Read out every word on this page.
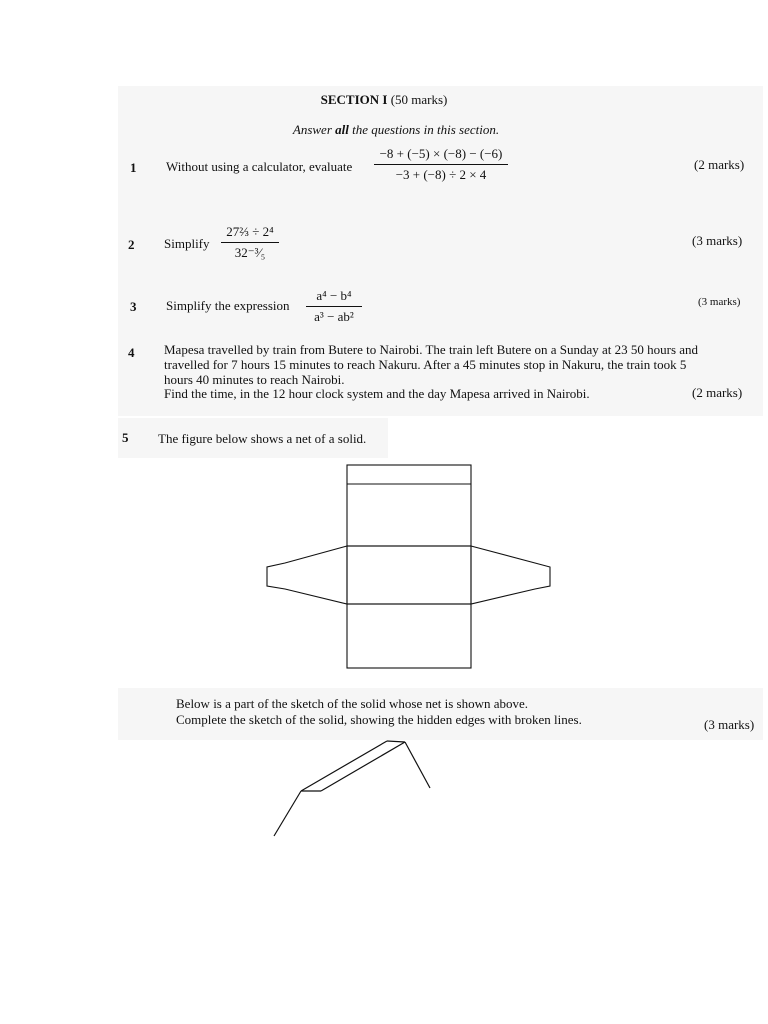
SECTION I (50 marks)
Answer all the questions in this section.
1 Without using a calculator, evaluate
−8 + (−5) × (−8) − (−6)
−3 + (−8) ÷ 2 × 4
(2 marks)
2 Simplify
27⅔ ÷ 2⁴
32⁻³⁄₅
(3 marks)
3 Simplify the expression
a⁴ − b⁴
a³ − ab²
(3 marks)
4 Mapesa travelled by train from Butere to Nairobi. The train left Butere on a Sunday at 23 50 hours and
travelled for 7 hours 15 minutes to reach Nakuru. After a 45 minutes stop in Nakuru, the train took 5
hours 40 minutes to reach Nairobi.
Find the time, in the 12 hour clock system and the day Mapesa arrived in Nairobi.	(2 marks)
5 The figure below shows a net of a solid.
Below is a part of the sketch of the solid whose net is shown above.
Complete the sketch of the solid, showing the hidden edges with broken lines.	(3 marks)
